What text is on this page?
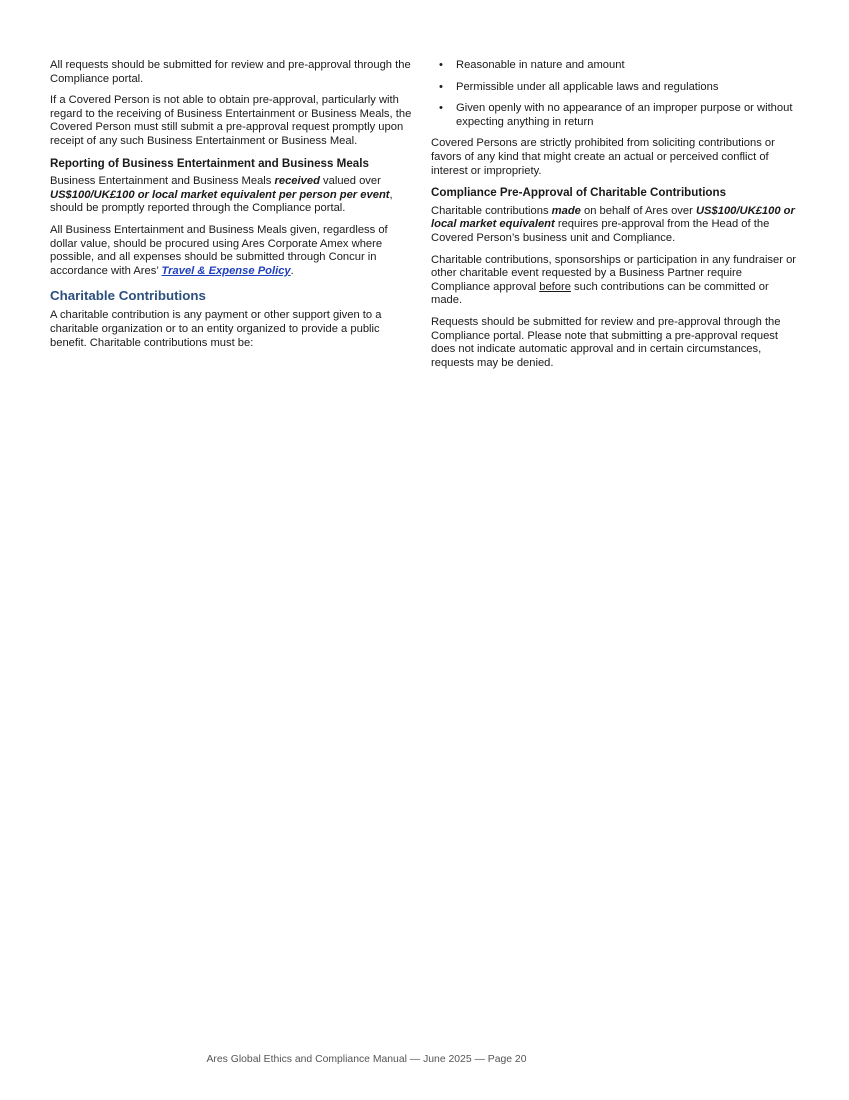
All requests should be submitted for review and pre-approval through the Compliance portal.

If a Covered Person is not able to obtain pre-approval, particularly with regard to the receiving of Business Entertainment or Business Meals, the Covered Person must still submit a pre-approval request promptly upon receipt of any such Business Entertainment or Business Meal.

Reporting of Business Entertainment and Business Meals

Business Entertainment and Business Meals received valued over US$100/UK£100 or local market equivalent per person per event, should be promptly reported through the Compliance portal.

All Business Entertainment and Business Meals given, regardless of dollar value, should be procured using Ares Corporate Amex where possible, and all expenses should be submitted through Concur in accordance with Ares’ Travel & Expense Policy.

Charitable Contributions

A charitable contribution is any payment or other support given to a charitable organization or to an entity organized to provide a public benefit. Charitable contributions must be:

• Reasonable in nature and amount
• Permissible under all applicable laws and regulations
• Given openly with no appearance of an improper purpose or without expecting anything in return

Covered Persons are strictly prohibited from soliciting contributions or favors of any kind that might create an actual or perceived conflict of interest or impropriety.

Compliance Pre-Approval of Charitable Contributions

Charitable contributions made on behalf of Ares over US$100/UK£100 or local market equivalent requires pre-approval from the Head of the Covered Person’s business unit and Compliance.

Charitable contributions, sponsorships or participation in any fundraiser or other charitable event requested by a Business Partner require Compliance approval before such contributions can be committed or made.

Requests should be submitted for review and pre-approval through the Compliance portal. Please note that submitting a pre-approval request does not indicate automatic approval and in certain circumstances, requests may be denied.

Ares Global Ethics and Compliance Manual — June 2025 — Page 20
